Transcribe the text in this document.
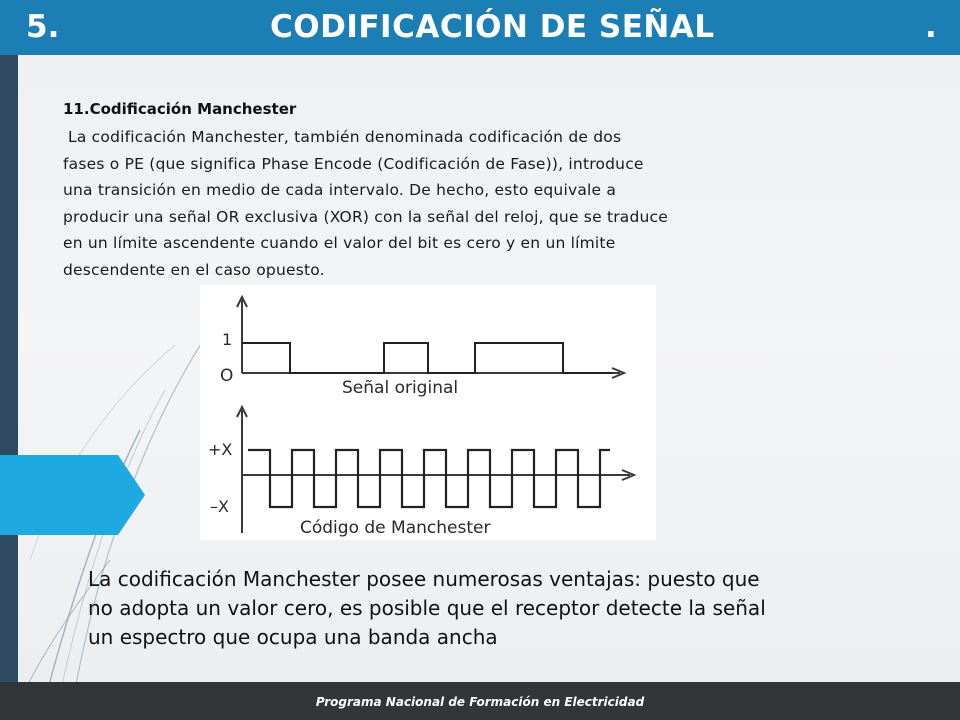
5.	CODIFICACIÓN DE SEÑAL	.
11.Codificación Manchester
La codificación Manchester, también denominada codificación de dos
fases o PE (que significa Phase Encode (Codificación de Fase)), introduce
una transición en medio de cada intervalo. De hecho, esto equivale a
producir una señal OR exclusiva (XOR) con la señal del reloj, que se traduce
en un límite ascendente cuando el valor del bit es cero y en un límite
descendente en el caso opuesto.
1
O
Señal original
+X
–X
Código de Manchester
La codificación Manchester posee numerosas ventajas: puesto que
no adopta un valor cero, es posible que el receptor detecte la señal
un espectro que ocupa una banda ancha
Programa Nacional de Formación en Electricidad
